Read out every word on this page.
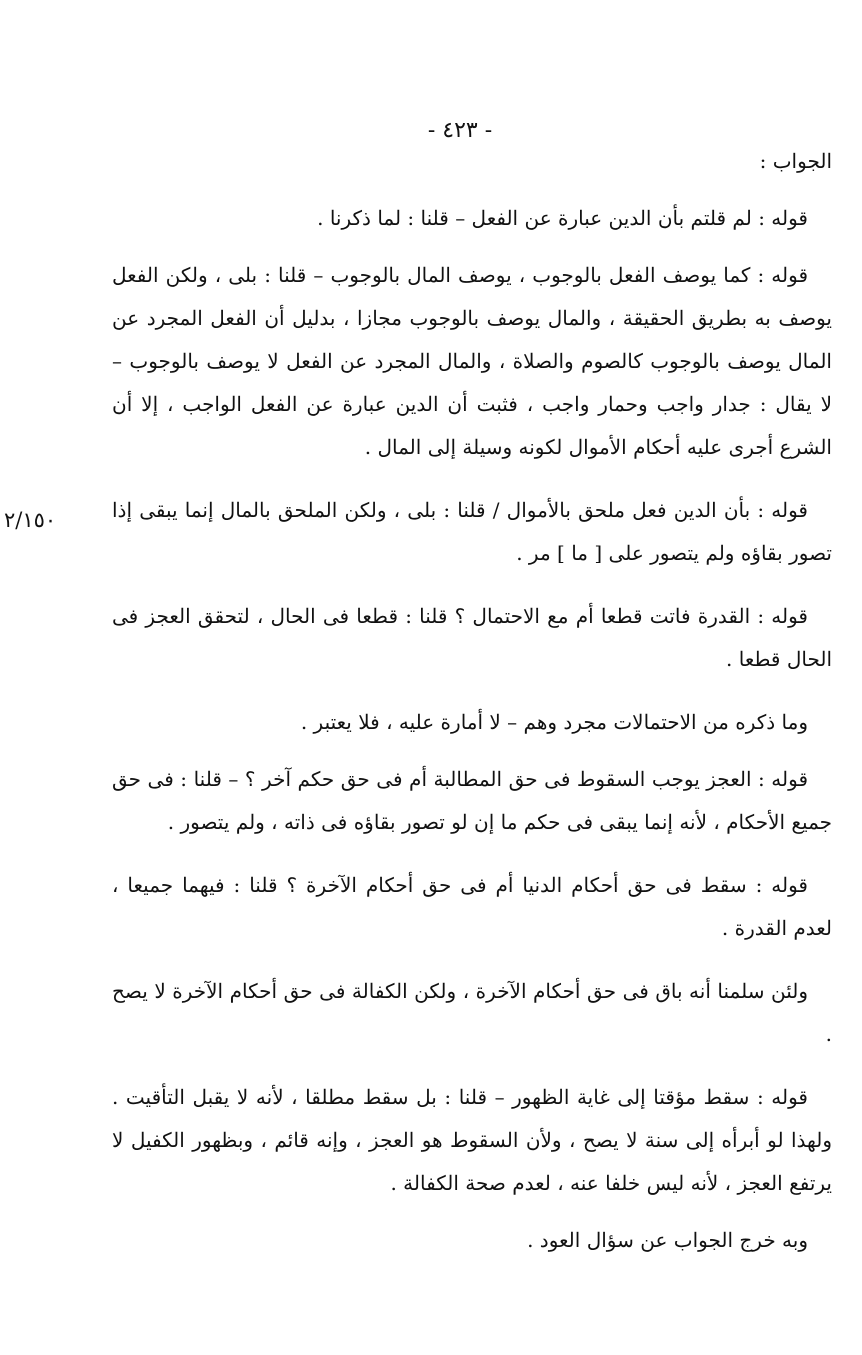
- ٤٢٣ -
٢/١٥٠

الجواب :

قوله : لم قلتم بأن الدين عبارة عن الفعل – قلنا : لما ذكرنا .

قوله : كما يوصف الفعل بالوجوب ، يوصف المال بالوجوب – قلنا : بلى ، ولكن الفعل يوصف به بطريق الحقيقة ، والمال يوصف بالوجوب مجازا ، بدليل أن الفعل المجرد عن المال يوصف بالوجوب كالصوم والصلاة ، والمال المجرد عن الفعل لا يوصف بالوجوب – لا يقال : جدار واجب وحمار واجب ، فثبت أن الدين عبارة عن الفعل الواجب ، إلا أن الشرع أجرى عليه أحكام الأموال لكونه وسيلة إلى المال .

قوله : بأن الدين فعل ملحق بالأموال / قلنا : بلى ، ولكن الملحق بالمال إنما يبقى إذا تصور بقاؤه ولم يتصور على [ ما ] مر .

قوله : القدرة فاتت قطعا أم مع الاحتمال ؟ قلنا : قطعا فى الحال ، لتحقق العجز فى الحال قطعا .

وما ذكره من الاحتمالات مجرد وهم – لا أمارة عليه ، فلا يعتبر .

قوله : العجز يوجب السقوط فى حق المطالبة أم فى حق حكم آخر ؟ – قلنا : فى حق جميع الأحكام ، لأنه إنما يبقى فى حكم ما إن لو تصور بقاؤه فى ذاته ، ولم يتصور .

قوله : سقط فى حق أحكام الدنيا أم فى حق أحكام الآخرة ؟ قلنا : فيهما جميعا ، لعدم القدرة .

ولئن سلمنا أنه باق فى حق أحكام الآخرة ، ولكن الكفالة فى حق أحكام الآخرة لا يصح .

قوله : سقط مؤقتا إلى غاية الظهور – قلنا : بل سقط مطلقا ، لأنه لا يقبل التأقيت . ولهذا لو أبرأه إلى سنة لا يصح ، ولأن السقوط هو العجز ، وإنه قائم ، وبظهور الكفيل لا يرتفع العجز ، لأنه ليس خلفا عنه ، لعدم صحة الكفالة .

وبه خرج الجواب عن سؤال العود .
